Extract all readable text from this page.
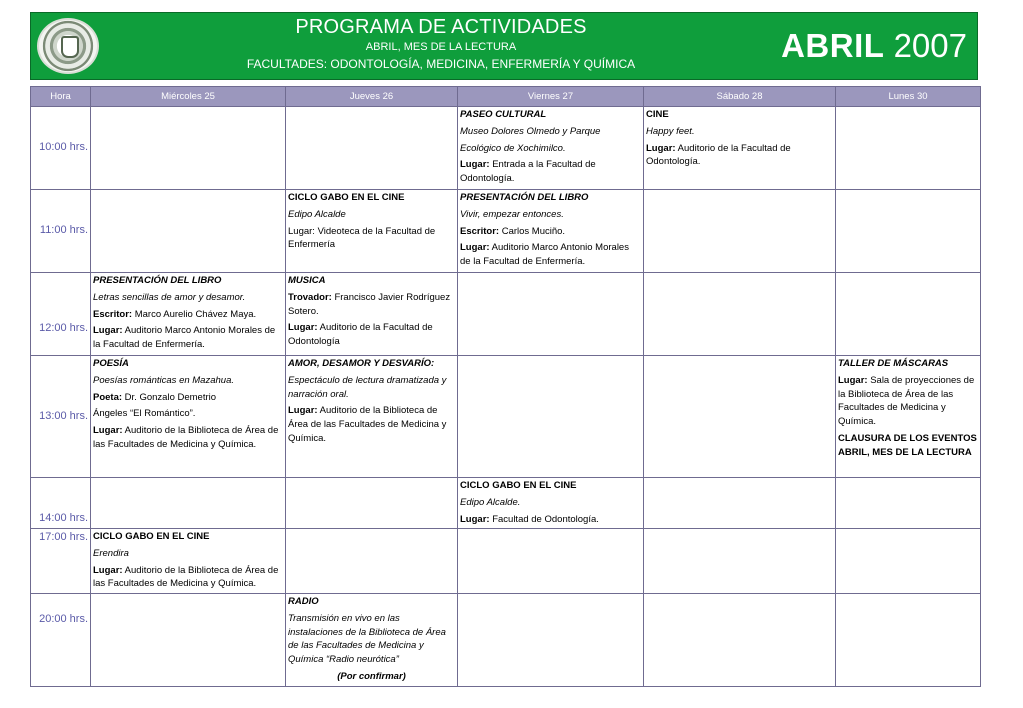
PROGRAMA DE ACTIVIDADES
ABRIL, MES DE LA LECTURA
FACULTADES: ODONTOLOGÍA, MEDICINA, ENFERMERÍA Y QUÍMICA	ABRIL 2007
Hora	Miércoles 25	Jueves 26	Viernes 27	Sábado 28	Lunes 30
10:00 hrs.			PASEO CULTURAL
Museo Dolores Olmedo y Parque
Ecológico de Xochimilco.
Lugar: Entrada a la Facultad de Odontología.	CINE
Happy feet.
Lugar: Auditorio de la Facultad de Odontología.	

11:00 hrs.		CICLO GABO EN EL CINE
Edipo Alcalde
Lugar: Videoteca de la Facultad de Enfermería	PRESENTACIÓN DEL LIBRO
Vivir, empezar entonces.
Escritor: Carlos Muciño.
Lugar: Auditorio Marco Antonio Morales de la Facultad de Enfermería.		

12:00 hrs.	PRESENTACIÓN DEL LIBRO
Letras sencillas de amor y desamor.
Escritor: Marco Aurelio Chávez Maya.
Lugar: Auditorio Marco Antonio Morales de la Facultad de Enfermería.	MUSICA
Trovador: Francisco Javier Rodríguez Sotero.
Lugar: Auditorio de la Facultad de Odontología			

13:00 hrs.	POESÍA
Poesías románticas en Mazahua.
Poeta: Dr. Gonzalo Demetrio
Ángeles “El Romántico”.
Lugar: Auditorio de la Biblioteca de Área de las Facultades de Medicina y Química.	AMOR, DESAMOR Y DESVARÍO:
Espectáculo de lectura dramatizada y narración oral.
Lugar: Auditorio de la Biblioteca de Área de las Facultades de Medicina y Química.			TALLER DE MÁSCARAS
Lugar: Sala de proyecciones de la Biblioteca de Área de las Facultades de Medicina y Química.
CLAUSURA DE LOS EVENTOS ABRIL, MES DE LA LECTURA

14:00 hrs.			CICLO GABO EN EL CINE
Edipo Alcalde.
Lugar: Facultad de Odontología.		

17:00 hrs.	CICLO GABO EN EL CINE
Erendira
Lugar: Auditorio de la Biblioteca de Área de las Facultades de Medicina y Química.				

20:00 hrs.		RADIO
Transmisión en vivo en las instalaciones de la Biblioteca de Área de las Facultades de Medicina y Química “Radio neurótica”
(Por confirmar)			
